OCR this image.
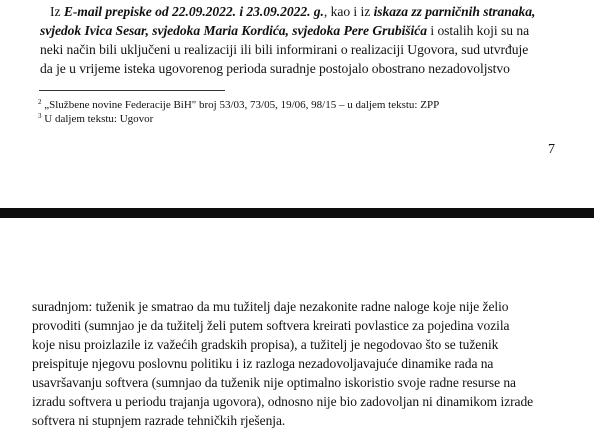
Iz E-mail prepiske od 22.09.2022. i 23.09.2022. g., kao i iz iskaza zz parničnih stranaka,
svjedok Ivica Sesar, svjedoka Maria Kordića, svjedoka Pere Grubišića i ostalih koji su na
neki način bili uključeni u realizaciji ili bili informirani o realizaciji Ugovora, sud utvrđuje
da je u vrijeme isteka ugovorenog perioda suradnje postojalo obostrano nezadovoljstvo

$^2$ „Službene novine Federacije BiH" broj 53/03, 73/05, 19/06, 98/15 – u daljem tekstu: ZPP

$^3$ U daljem tekstu: Ugovor

7

suradnjom: tuženik je smatrao da mu tužitelj daje nezakonite radne naloge koje nije želio
provoditi (sumnjao je da tužitelj želi putem softvera kreirati povlastice za pojedina vozila
koje nisu proizlazile iz važećih gradskih propisa), a tužitelj je negodovao što se tuženik
preispituje njegovu poslovnu politiku i iz razloga nezadovoljavajuće dinamike rada na
usavršavanju softvera (sumnjao da tuženik nije optimalno iskoristio svoje radne resurse na
izradu softvera u periodu trajanja ugovora), odnosno nije bio zadovoljan ni dinamikom izrade
softvera ni stupnjem razrade tehničkih rješenja.
